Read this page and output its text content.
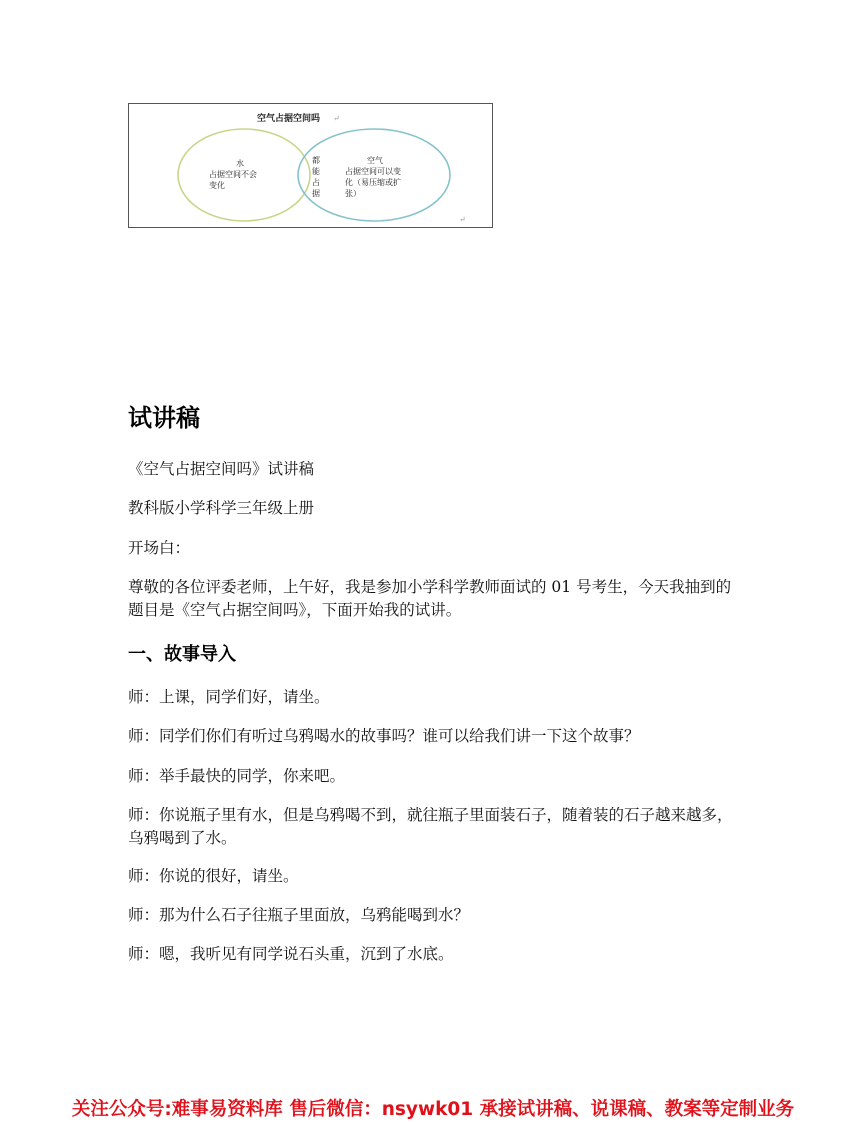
空气占据空间吗 ↵
水
占据空间不会
变化
都
能
占
据
空气
占据空间可以变
化（易压缩或扩
张）
↵
试讲稿

《空气占据空间吗》试讲稿

教科版小学科学三年级上册

开场白：

尊敬的各位评委老师，上午好，我是参加小学科学教师面试的 01 号考生，今天我抽到的题目是《空气占据空间吗》，下面开始我的试讲。

一、故事导入

师：上课，同学们好，请坐。

师：同学们你们有听过乌鸦喝水的故事吗？谁可以给我们讲一下这个故事？

师：举手最快的同学，你来吧。

师：你说瓶子里有水，但是乌鸦喝不到，就往瓶子里面装石子，随着装的石子越来越多，乌鸦喝到了水。

师：你说的很好，请坐。

师：那为什么石子往瓶子里面放，乌鸦能喝到水？

师：嗯，我听见有同学说石头重，沉到了水底。

关注公众号:难事易资料库 售后微信：nsywk01 承接试讲稿、说课稿、教案等定制业务
